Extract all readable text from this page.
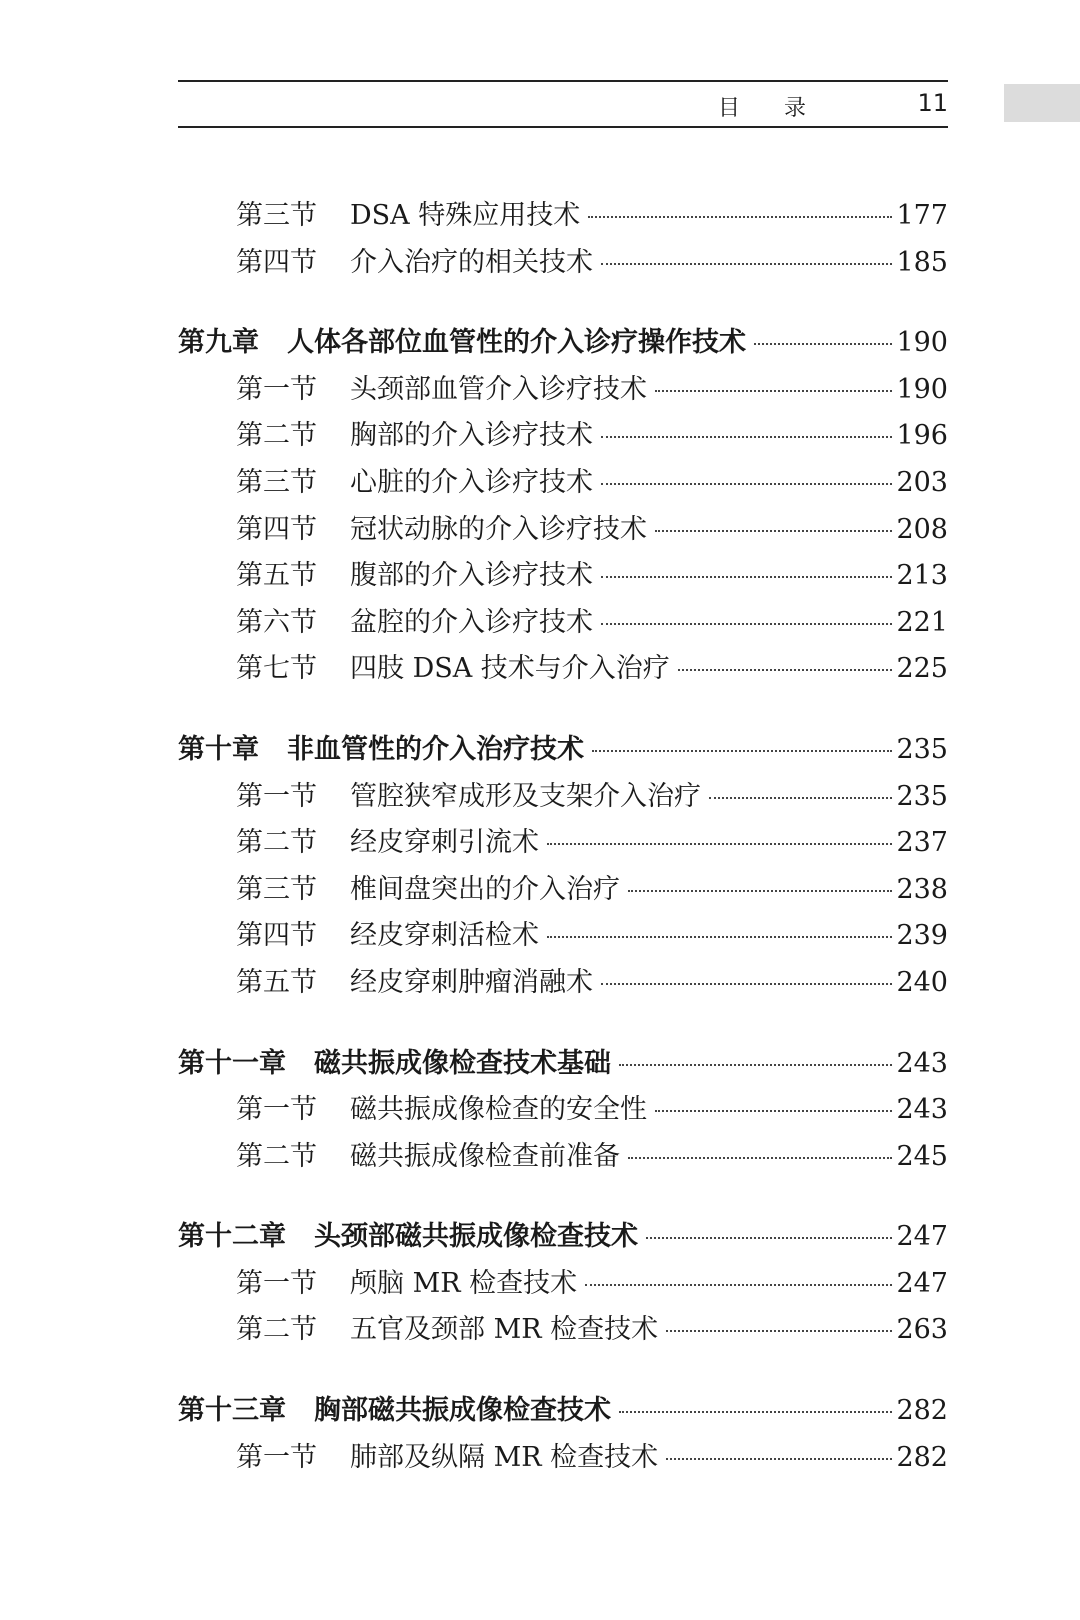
目录	11
第三节	DSA 特殊应用技术	177
第四节	介入治疗的相关技术	185
第九章 人体各部位血管性的介入诊疗操作技术	190
第一节	头颈部血管介入诊疗技术	190
第二节	胸部的介入诊疗技术	196
第三节	心脏的介入诊疗技术	203
第四节	冠状动脉的介入诊疗技术	208
第五节	腹部的介入诊疗技术	213
第六节	盆腔的介入诊疗技术	221
第七节	四肢 DSA 技术与介入治疗	225
第十章 非血管性的介入治疗技术	235
第一节	管腔狭窄成形及支架介入治疗	235
第二节	经皮穿刺引流术	237
第三节	椎间盘突出的介入治疗	238
第四节	经皮穿刺活检术	239
第五节	经皮穿刺肿瘤消融术	240
第十一章 磁共振成像检查技术基础	243
第一节	磁共振成像检查的安全性	243
第二节	磁共振成像检查前准备	245
第十二章 头颈部磁共振成像检查技术	247
第一节	颅脑 MR 检查技术	247
第二节	五官及颈部 MR 检查技术	263
第十三章 胸部磁共振成像检查技术	282
第一节	肺部及纵隔 MR 检查技术	282
